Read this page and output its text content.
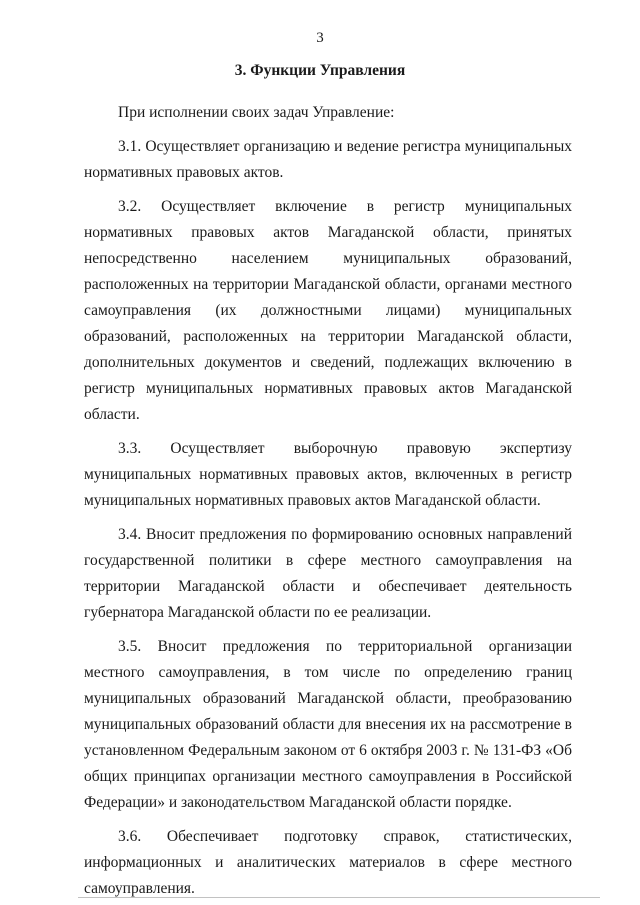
3
3. Функции Управления

При исполнении своих задач Управление:

3.1. Осуществляет организацию и ведение регистра муниципальных нормативных правовых актов.

3.2. Осуществляет включение в регистр муниципальных нормативных правовых актов Магаданской области, принятых непосредственно населением муниципальных образований, расположенных на территории Магаданской области, органами местного самоуправления (их должностными лицами) муниципальных образований, расположенных на территории Магаданской области, дополнительных документов и сведений, подлежащих включению в регистр муниципальных нормативных правовых актов Магаданской области.

3.3. Осуществляет выборочную правовую экспертизу муниципальных нормативных правовых актов, включенных в регистр муниципальных нормативных правовых актов Магаданской области.

3.4. Вносит предложения по формированию основных направлений государственной политики в сфере местного самоуправления на территории Магаданской области и обеспечивает деятельность губернатора Магаданской области по ее реализации.

3.5. Вносит предложения по территориальной организации местного самоуправления, в том числе по определению границ муниципальных образований Магаданской области, преобразованию муниципальных образований области для внесения их на рассмотрение в установленном Федеральным законом от 6 октября 2003 г. № 131-ФЗ «Об общих принципах организации местного самоуправления в Российской Федерации» и законодательством Магаданской области порядке.

3.6. Обеспечивает подготовку справок, статистических, информационных и аналитических материалов в сфере местного самоуправления.
